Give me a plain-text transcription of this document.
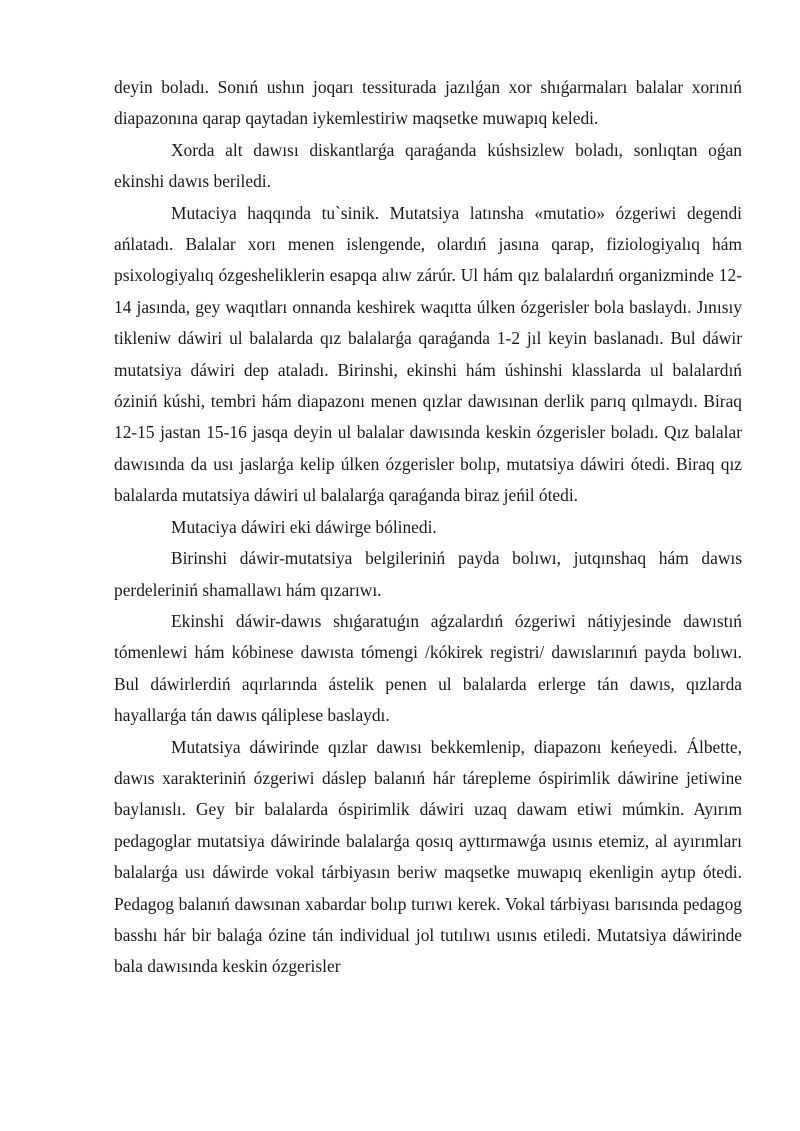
deyin boladı. Sonıń ushın joqarı tessiturada jazılǵan xor shıǵarmaları balalar xorınıń diapazonına qarap qaytadan iykemlestiriw maqsetke muwapıq keledi.

Xorda alt dawısı diskantlarǵa qaraǵanda kúshsizlew boladı, sonlıqtan oǵan ekinshi dawıs beriledi.

Mutaciya haqqında tu`sinik. Mutatsiya latınsha «mutatio» ózgeriwi degendi ańlatadı. Balalar xorı menen islengende, olardıń jasına qarap, fiziologiyalıq hám psixologiyalıq ózgesheliklerin esapqa alıw zárúr. Ul hám qız balalardıń organizminde 12-14 jasında, gey waqıtları onnanda keshirek waqıtta úlken ózgerisler bola baslaydı. Jınısıy tikleniw dáwiri ul balalarda qız balalarǵa qaraǵanda 1-2 jıl keyin baslanadı. Bul dáwir mutatsiya dáwiri dep ataladı. Birinshi, ekinshi hám úshinshi klasslarda ul balalardıń óziniń kúshi, tembri hám diapazonı menen qızlar dawısınan derlik parıq qılmaydı. Biraq 12-15 jastan 15-16 jasqa deyin ul balalar dawısında keskin ózgerisler boladı. Qız balalar dawısında da usı jaslarǵa kelip úlken ózgerisler bolıp, mutatsiya dáwiri ótedi. Biraq qız balalarda mutatsiya dáwiri ul balalarǵa qaraǵanda biraz jeńil ótedi.

Mutaciya dáwiri eki dáwirge bólinedi.

Birinshi dáwir-mutatsiya belgileriniń payda bolıwı, jutqınshaq hám dawıs perdeleriniń shamallawı hám qızarıwı.

Ekinshi dáwir-dawıs shıǵaratuǵın aǵzalardıń ózgeriwi nátiyjesinde dawıstıń tómenlewi hám kóbinese dawısta tómengi /kókirek registri/ dawıslarınıń payda bolıwı. Bul dáwirlerdiń aqırlarında ástelik penen ul balalarda erlerge tán dawıs, qızlarda hayallarǵa tán dawıs qáliplese baslaydı.

Mutatsiya dáwirinde qızlar dawısı bekkemlenip, diapazonı keńeyedi. Álbette, dawıs xarakteriniń ózgeriwi dáslep balanıń hár tárepleme óspirimlik dáwirine jetiwine baylanıslı. Gey bir balalarda óspirimlik dáwiri uzaq dawam etiwi múmkin. Ayırım pedagoglar mutatsiya dáwirinde balalarǵa qosıq ayttırmawǵa usınıs etemiz, al ayırımları balalarǵa usı dáwirde vokal tárbiyasın beriw maqsetke muwapıq ekenligin aytıp ótedi. Pedagog balanıń dawsınan xabardar bolıp turıwı kerek. Vokal tárbiyası barısında pedagog basshı hár bir balaǵa ózine tán individual jol tutılıwı usınıs etiledi. Mutatsiya dáwirinde bala dawısında keskin ózgerisler
